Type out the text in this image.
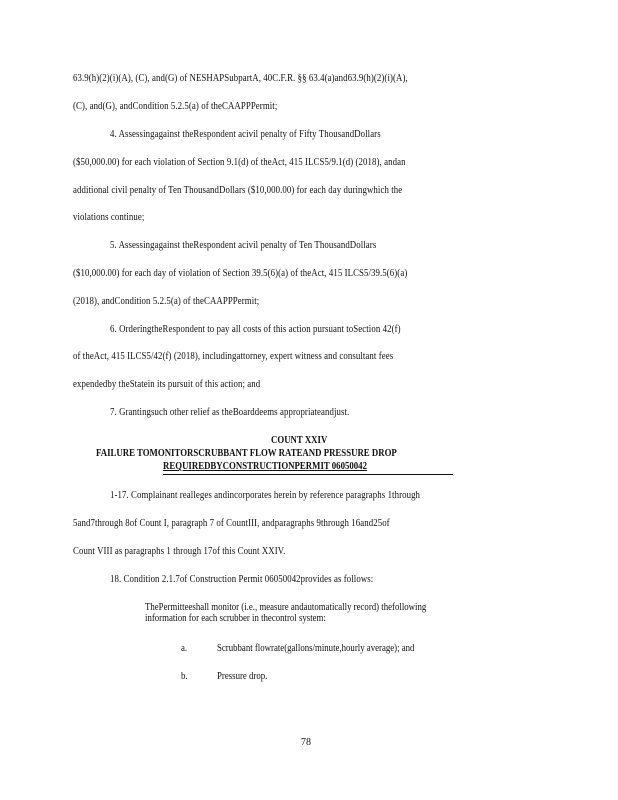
63.9(h)(2)(i)(A), (C), and(G) of NESHAPSubpartA, 40C.F.R. §§ 63.4(a)and63.9(h)(2)(i)(A),
(C), and(G), andCondition 5.2.5(a) of theCAAPPPermit;
4. Assessingagainst theRespondent acivil penalty of Fifty ThousandDollars
($50,000.00) for each violation of Section 9.1(d) of theAct, 415 ILCS5/9.1(d) (2018), andan
additional civil penalty of Ten ThousandDollars ($10,000.00) for each day duringwhich the
violations continue;
5. Assessingagainst theRespondent acivil penalty of Ten ThousandDollars
($10,000.00) for each day of violation of Section 39.5(6)(a) of theAct, 415 ILCS5/39.5(6)(a)
(2018), andCondition 5.2.5(a) of theCAAPPPermit;
6. OrderingtheRespondent to pay all costs of this action pursuant toSection 42(f)
of theAct, 415 ILCS5/42(f) (2018), includingattorney, expert witness and consultant fees
expendedby theStatein its pursuit of this action; and
7. Grantingsuch other relief as theBoarddeems appropriateandjust.
COUNT XXIV
FAILURE TOMONITORSCRUBBANT FLOW RATEAND PRESSURE DROP
REQUIREDBYCONSTRUCTIONPERMIT 06050042
1-17. Complainant realleges andincorporates herein by reference paragraphs 1through
5and7through 8of Count I, paragraph 7 of CountIII, andparagraphs 9through 16and25of
Count VIII as paragraphs 1 through 17of this Count XXIV.
18. Condition 2.1.7of Construction Permit 06050042provides as follows:
ThePermitteeshall monitor (i.e., measure andautomatically record) thefollowing
information for each scrubber in thecontrol system:
a.	Scrubbant flowrate(gallons/minute,hourly average); and
b.	Pressure drop.
78
